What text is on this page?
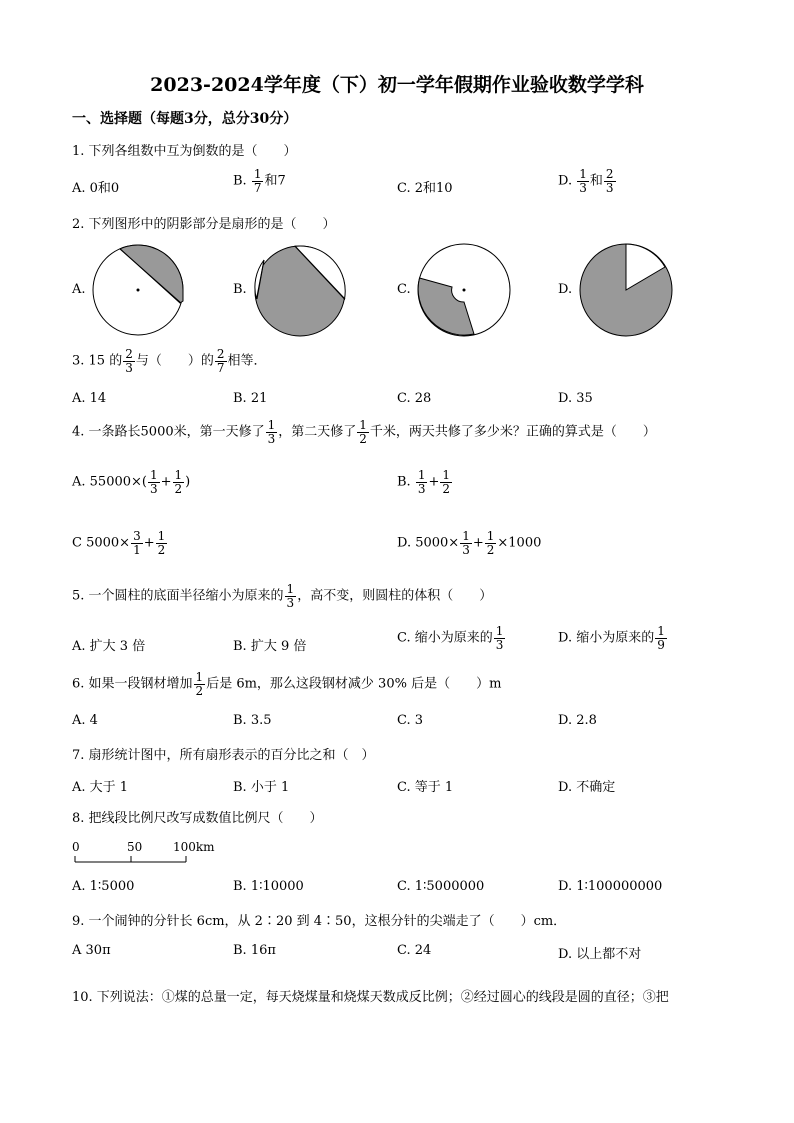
2023-2024学年度（下）初一学年假期作业验收数学学科
一、选择题（每题3分，总分30分）
1. 下列各组数中互为倒数的是（　　）
A. 0和0	B. $\frac{1}{7}$ 和7	C. 2和10	D. $\frac{1}{3}$ 和 $\frac{2}{3}$
2. 下列图形中的阴影部分是扇形的是（　　）
A.	B.	C.	D.
3. 15 的 $\frac{2}{3}$ 与（　　）的 $\frac{2}{7}$ 相等．
A. 14	B. 21	C. 28	D. 35
4. 一条路长5000米，第一天修了 $\frac{1}{3}$ ，第二天修了 $\frac{1}{2}$ 千米，两天共修了多少米？正确的算式是（　　）
A. $55000\times( \frac{1}{3} + \frac{1}{2}$ )	B. $\frac{1}{3} + \frac{1}{2}$
C $5000\times \frac{3}{1} + \frac{1}{2}$	D. $5000\times \frac{1}{3} + \frac{1}{2} \times 1000$
5. 一个圆柱的底面半径缩小为原来的 $\frac{1}{3}$ ，高不变，则圆柱的体积（　　）
A. 扩大 3 倍	B. 扩大 9 倍
C. 缩小为原来的 $\frac{1}{3}$	D. 缩小为原来的 $\frac{1}{9}$
6. 如果一段钢材增加 $\frac{1}{2}$ 后是 6m，那么这段钢材减少 30% 后是（　　）m
A. 4	B. 3.5	C. 3	D. 2.8
7. 扇形统计图中，所有扇形表示的百分比之和（　）
A. 大于 1	B. 小于 1	C. 等于 1	D. 不确定
8. 把线段比例尺改写成数值比例尺（　　）
0	50	100km
A. 1∶5000	B. 1∶10000	C. 1∶5000000	D. 1∶100000000
9. 一个闹钟的分针长 6cm，从 2∶20 到 4∶50，这根分针的尖端走了（　　）cm．
A 30π	B. 16π	C. 24	D. 以上都不对
10. 下列说法：①煤的总量一定，每天烧煤量和烧煤天数成反比例；②经过圆心的线段是圆的直径；③把
